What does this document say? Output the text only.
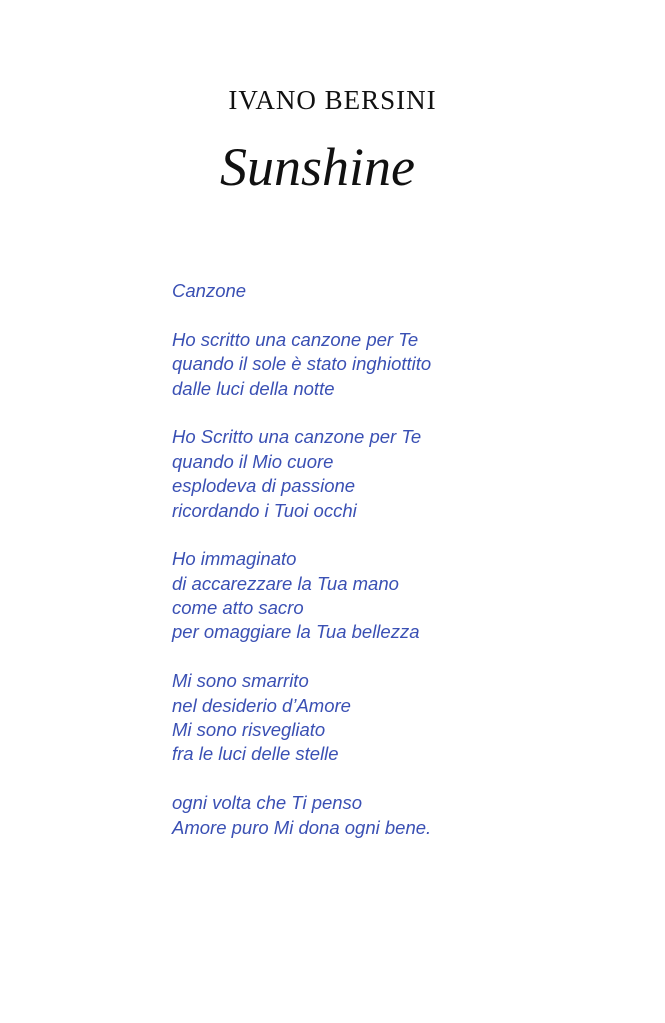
IVANO BERSINI
Sunshine
Canzone
Ho scritto una canzone per Te
quando il sole è stato inghiottito
dalle luci della notte
Ho Scritto una canzone per Te
quando il Mio cuore
esplodeva di passione
ricordando i Tuoi occhi
Ho immaginato
di accarezzare la Tua mano
come atto sacro
per omaggiare la Tua bellezza
Mi sono smarrito
nel desiderio d’Amore
Mi sono risvegliato
fra le luci delle stelle
ogni volta che Ti penso
Amore puro Mi dona ogni bene.
